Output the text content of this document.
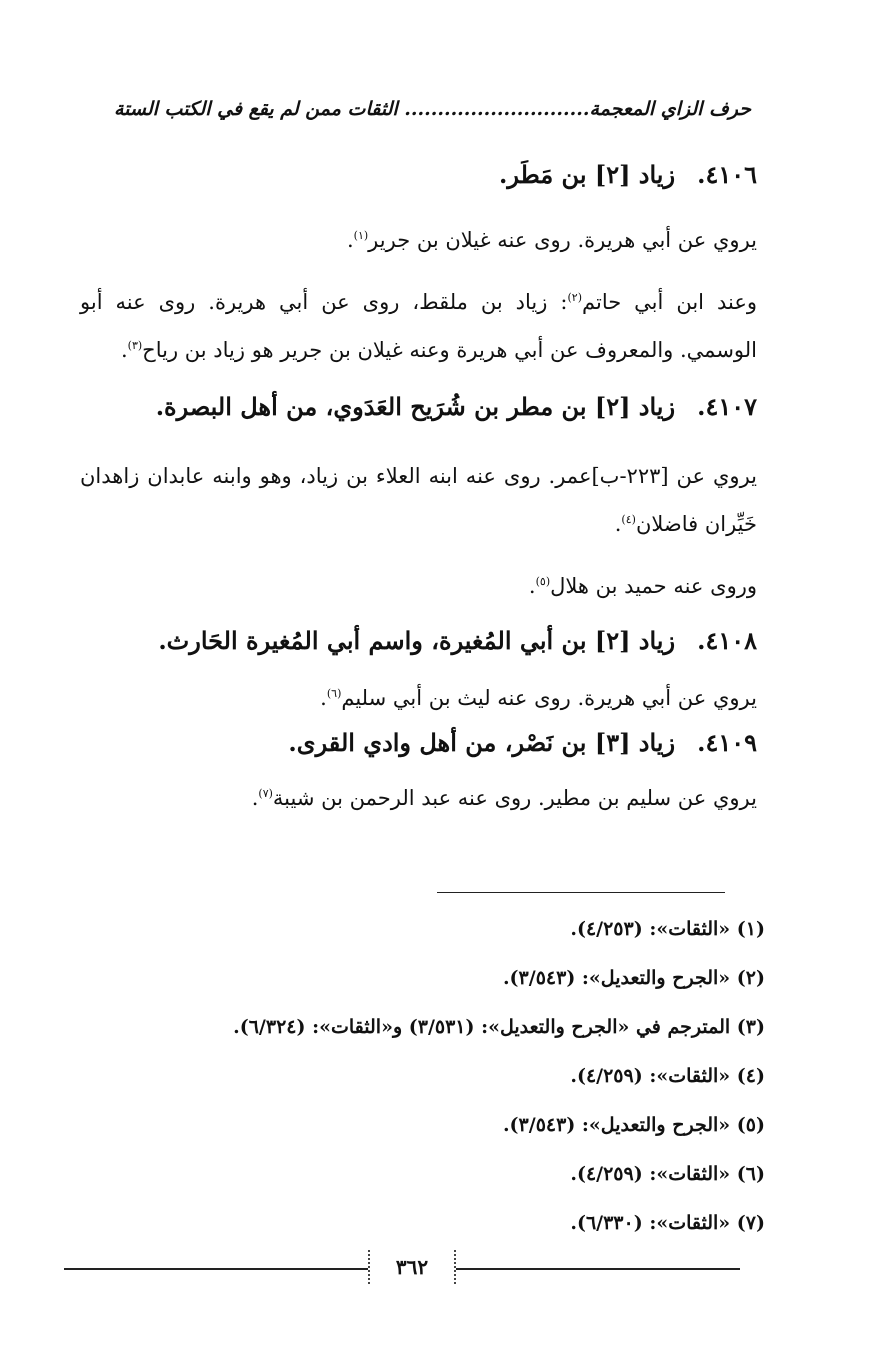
حرف الزاي المعجمة............................ الثقات ممن لم يقع في الكتب الستة
٤١٠٦.زياد [٢] بن مَطَر.
يروي عن أبي هريرة. روى عنه غيلان بن جرير$^{(١)}$.
وعند ابن أبي حاتم$^{(٢)}$: زياد بن ملقط، روى عن أبي هريرة. روى عنه أبو الوسمي. والمعروف عن أبي هريرة وعنه غيلان بن جرير هو زياد بن رياح$^{(٣)}$.
٤١٠٧.زياد [٢] بن مطر بن شُرَيح العَدَوي، من أهل البصرة.
يروي عن [٢٢٣-ب]عمر. روى عنه ابنه العلاء بن زياد، وهو وابنه عابدان زاهدان خَيِّران فاضلان$^{(٤)}$.
وروى عنه حميد بن هلال$^{(٥)}$.
٤١٠٨.زياد [٢] بن أبي المُغيرة، واسم أبي المُغيرة الحَارث.
يروي عن أبي هريرة. روى عنه ليث بن أبي سليم$^{(٦)}$.
٤١٠٩.زياد [٣] بن نَصْر، من أهل وادي القرى.
يروي عن سليم بن مطير. روى عنه عبد الرحمن بن شيبة$^{(٧)}$.
(١) «الثقات»: (٤/٢٥٣).
(٢) «الجرح والتعديل»: (٣/٥٤٣).
(٣) المترجم في «الجرح والتعديل»: (٣/٥٣١) و«الثقات»: (٦/٣٢٤).
(٤) «الثقات»: (٤/٢٥٩).
(٥) «الجرح والتعديل»: (٣/٥٤٣).
(٦) «الثقات»: (٤/٢٥٩).
(٧) «الثقات»: (٦/٣٣٠).
٣٦٢
